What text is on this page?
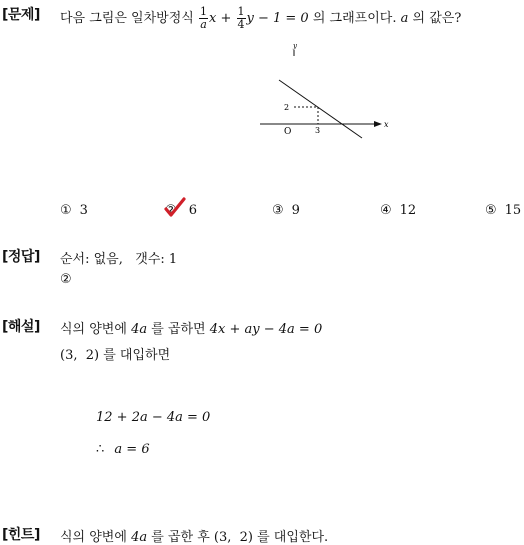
[문제] 다음 그림은 일차방정식 $\frac{1}{a}$ $x + \frac{1}{4}$ y − 1 = 0 의 그래프이다. a 의 값은?
y
x
2
O	3
① 3	② 6	③ 9	④ 12	⑤ 15
[정답] 순서: 없음,   갯수: 1
②
[해설] 식의 양변에 4a 를 곱하면 4x + ay − 4a = 0
(3,  2) 를 대입하면
12 + 2a − 4a = 0
∴ a = 6
[힌트] 식의 양변에 4a 를 곱한 후 (3,  2) 를 대입한다.
